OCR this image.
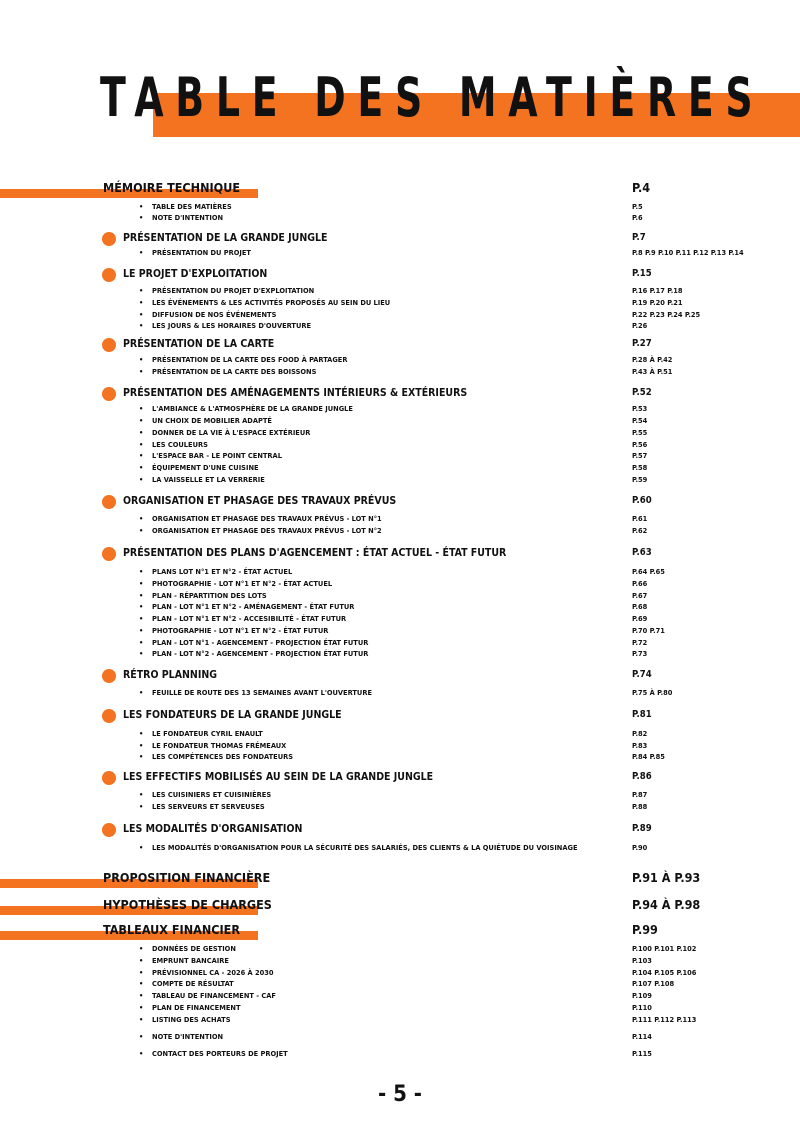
TABLE DES MATIÈRES
MÉMOIRE TECHNIQUE	P.4
• TABLE DES MATIÈRES	P.5
• NOTE D'INTENTION	P.6
PRÉSENTATION DE LA GRANDE JUNGLE	P.7
• PRÉSENTATION DU PROJET	P.8 P.9 P.10 P.11 P.12 P.13 P.14
LE PROJET D'EXPLOITATION	P.15
• PRÉSENTATION DU PROJET D'EXPLOITATION	P.16 P.17 P.18
• LES ÉVÉNEMENTS & LES ACTIVITÉS PROPOSÉS AU SEIN DU LIEU	P.19 P.20 P.21
• DIFFUSION DE NOS ÉVÉNEMENTS	P.22 P.23 P.24 P.25
• LES JOURS & LES HORAIRES D'OUVERTURE	P.26
PRÉSENTATION DE LA CARTE	P.27
• PRÉSENTATION DE LA CARTE DES FOOD À PARTAGER	P.28 À P.42
• PRÉSENTATION DE LA CARTE DES BOISSONS	P.43 À P.51
PRÉSENTATION DES AMÉNAGEMENTS INTÉRIEURS & EXTÉRIEURS	P.52
• L'AMBIANCE & L'ATMOSPHÈRE DE LA GRANDE JUNGLE	P.53
• UN CHOIX DE MOBILIER ADAPTÉ	P.54
• DONNER DE LA VIE À L'ESPACE EXTÉRIEUR	P.55
• LES COULEURS	P.56
• L'ESPACE BAR - LE POINT CENTRAL	P.57
• ÉQUIPEMENT D'UNE CUISINE	P.58
• LA VAISSELLE ET LA VERRERIE	P.59
ORGANISATION ET PHASAGE DES TRAVAUX PRÉVUS	P.60
• ORGANISATION ET PHASAGE DES TRAVAUX PRÉVUS - LOT N°1	P.61
• ORGANISATION ET PHASAGE DES TRAVAUX PRÉVUS - LOT N°2	P.62
PRÉSENTATION DES PLANS D'AGENCEMENT : ÉTAT ACTUEL - ÉTAT FUTUR	P.63
• PLANS LOT N°1 ET N°2 - ÉTAT ACTUEL	P.64 P.65
• PHOTOGRAPHIE - LOT N°1 ET N°2 - ÉTAT ACTUEL	P.66
• PLAN - RÉPARTITION DES LOTS	P.67
• PLAN - LOT N°1 ET N°2 - AMÉNAGEMENT - ÉTAT FUTUR	P.68
• PLAN - LOT N°1 ET N°2 - ACCESIBILITÉ - ÉTAT FUTUR	P.69
• PHOTOGRAPHIE - LOT N°1 ET N°2 - ÉTAT FUTUR	P.70 P.71
• PLAN - LOT N°1 - AGENCEMENT - PROJECTION ÉTAT FUTUR	P.72
• PLAN - LOT N°2 - AGENCEMENT - PROJECTION ÉTAT FUTUR	P.73
RÉTRO PLANNING	P.74
• FEUILLE DE ROUTE DES 13 SEMAINES AVANT L'OUVERTURE	P.75 À P.80
LES FONDATEURS DE LA GRANDE JUNGLE	P.81
• LE FONDATEUR CYRIL ENAULT	P.82
• LE FONDATEUR THOMAS FRÉMEAUX	P.83
• LES COMPÉTENCES DES FONDATEURS	P.84 P.85
LES EFFECTIFS MOBILISÉS AU SEIN DE LA GRANDE JUNGLE	P.86
• LES CUISINIERS ET CUISINIÈRES	P.87
• LES SERVEURS ET SERVEUSES	P.88
LES MODALITÉS D'ORGANISATION	P.89
• LES MODALITÉS D'ORGANISATION POUR LA SÉCURITÉ DES SALARIÉS, DES CLIENTS & LA QUIÉTUDE DU VOISINAGE	P.90
PROPOSITION FINANCIÈRE	P.91 À P.93
HYPOTHÈSES DE CHARGES	P.94 À P.98
TABLEAUX FINANCIER	P.99
• DONNÉES DE GESTION	P.100 P.101 P.102
• EMPRUNT BANCAIRE	P.103
• PRÉVISIONNEL CA - 2026 À 2030	P.104 P.105 P.106
• COMPTE DE RÉSULTAT	P.107 P.108
• TABLEAU DE FINANCEMENT - CAF	P.109
• PLAN DE FINANCEMENT	P.110
• LISTING DES ACHATS	P.111 P.112 P.113
• NOTE D'INTENTION	P.114
• CONTACT DES PORTEURS DE PROJET	P.115
- 5 -
